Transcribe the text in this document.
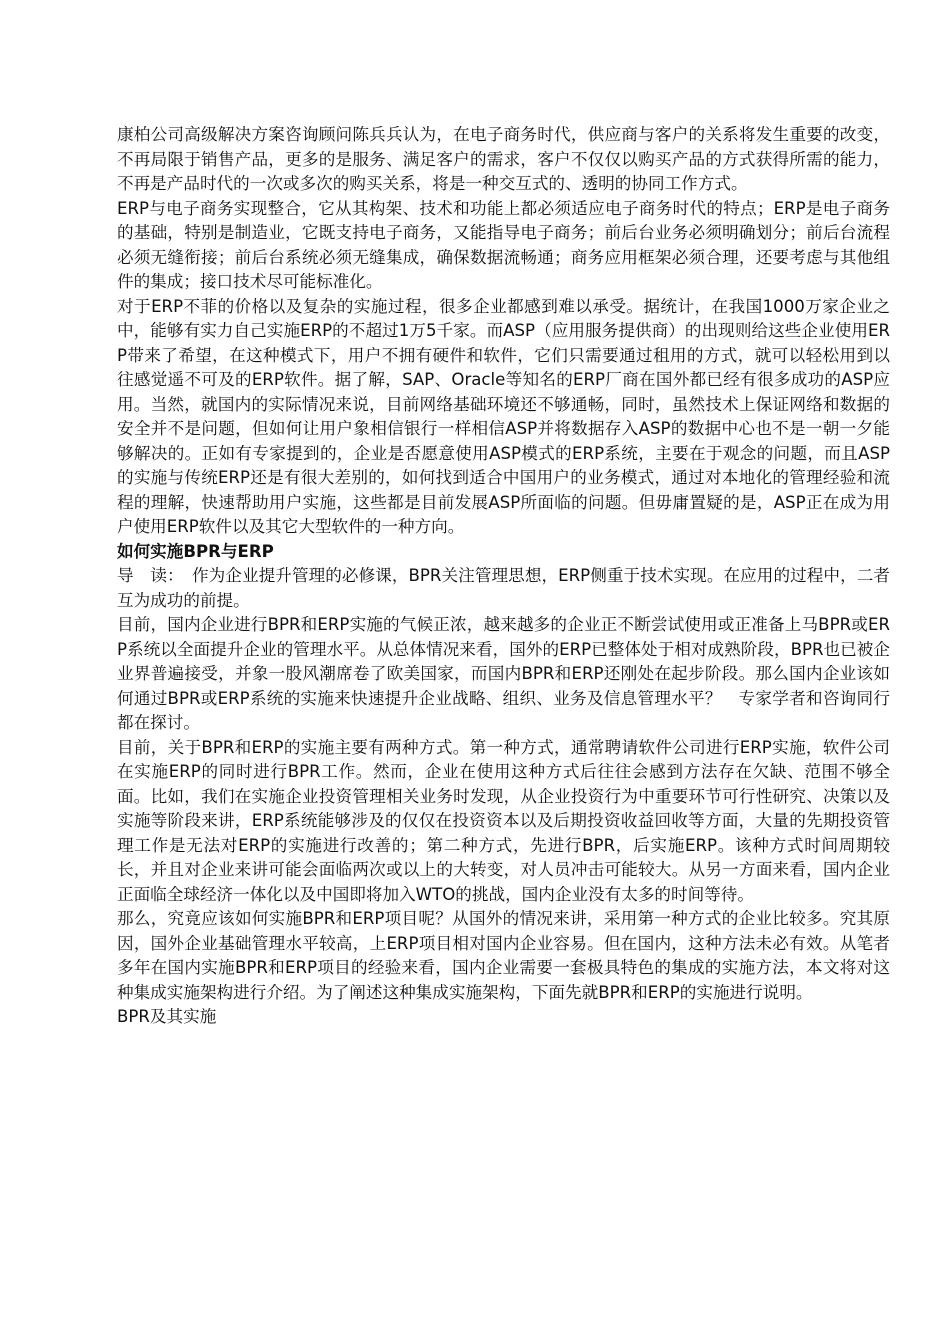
康柏公司高级解决方案咨询顾问陈兵兵认为，在电子商务时代，供应商与客户的关系将发生重要的改变，不再局限于销售产品，更多的是服务、满足客户的需求，客户不仅仅以购买产品的方式获得所需的能力，不再是产品时代的一次或多次的购买关系，将是一种交互式的、透明的协同工作方式。

ERP与电子商务实现整合，它从其构架、技术和功能上都必须适应电子商务时代的特点；ERP是电子商务的基础，特别是制造业，它既支持电子商务，又能指导电子商务；前后台业务必须明确划分；前后台流程必须无缝衔接；前后台系统必须无缝集成，确保数据流畅通；商务应用框架必须合理，还要考虑与其他组件的集成；接口技术尽可能标准化。

对于ERP不菲的价格以及复杂的实施过程，很多企业都感到难以承受。据统计，在我国1000万家企业之中，能够有实力自己实施ERP的不超过1万5千家。而ASP（应用服务提供商）的出现则给这些企业使用ERP带来了希望，在这种模式下，用户不拥有硬件和软件，它们只需要通过租用的方式，就可以轻松用到以往感觉遥不可及的ERP软件。据了解，SAP、Oracle等知名的ERP厂商在国外都已经有很多成功的ASP应用。当然，就国内的实际情况来说，目前网络基础环境还不够通畅，同时，虽然技术上保证网络和数据的安全并不是问题，但如何让用户象相信银行一样相信ASP并将数据存入ASP的数据中心也不是一朝一夕能够解决的。正如有专家提到的，企业是否愿意使用ASP模式的ERP系统，主要在于观念的问题，而且ASP的实施与传统ERP还是有很大差别的，如何找到适合中国用户的业务模式，通过对本地化的管理经验和流程的理解，快速帮助用户实施，这些都是目前发展ASP所面临的问题。但毋庸置疑的是，ASP正在成为用户使用ERP软件以及其它大型软件的一种方向。

如何实施BPR与ERP

导　读：　作为企业提升管理的必修课，BPR关注管理思想，ERP侧重于技术实现。在应用的过程中，二者互为成功的前提。

目前，国内企业进行BPR和ERP实施的气候正浓，越来越多的企业正不断尝试使用或正准备上马BPR或ERP系统以全面提升企业的管理水平。从总体情况来看，国外的ERP已整体处于相对成熟阶段，BPR也已被企业界普遍接受，并象一股风潮席卷了欧美国家，而国内BPR和ERP还刚处在起步阶段。那么国内企业该如何通过BPR或ERP系统的实施来快速提升企业战略、组织、业务及信息管理水平？　专家学者和咨询同行都在探讨。

目前，关于BPR和ERP的实施主要有两种方式。第一种方式，通常聘请软件公司进行ERP实施，软件公司在实施ERP的同时进行BPR工作。然而，企业在使用这种方式后往往会感到方法存在欠缺、范围不够全面。比如，我们在实施企业投资管理相关业务时发现，从企业投资行为中重要环节可行性研究、决策以及实施等阶段来讲，ERP系统能够涉及的仅仅在投资资本以及后期投资收益回收等方面，大量的先期投资管理工作是无法对ERP的实施进行改善的；第二种方式，先进行BPR，后实施ERP。该种方式时间周期较长，并且对企业来讲可能会面临两次或以上的大转变，对人员冲击可能较大。从另一方面来看，国内企业正面临全球经济一体化以及中国即将加入WTO的挑战，国内企业没有太多的时间等待。

那么，究竟应该如何实施BPR和ERP项目呢？从国外的情况来讲，采用第一种方式的企业比较多。究其原因，国外企业基础管理水平较高，上ERP项目相对国内企业容易。但在国内，这种方法未必有效。从笔者多年在国内实施BPR和ERP项目的经验来看，国内企业需要一套极具特色的集成的实施方法，本文将对这种集成实施架构进行介绍。为了阐述这种集成实施架构，下面先就BPR和ERP的实施进行说明。

BPR及其实施
